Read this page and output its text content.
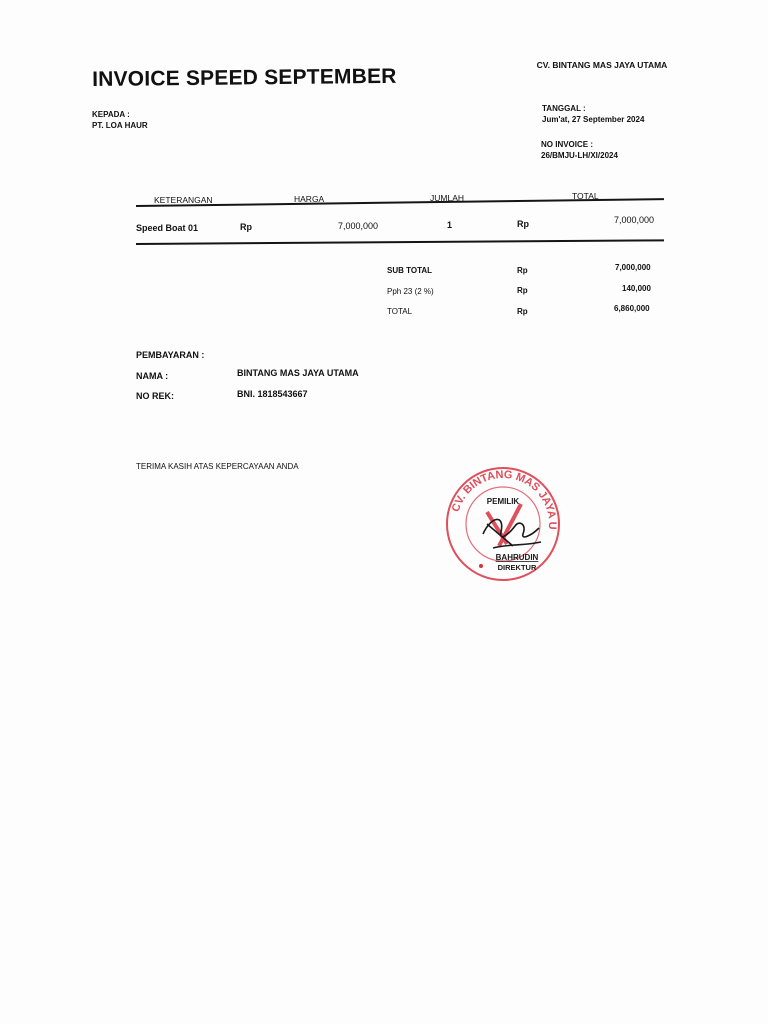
INVOICE SPEED SEPTEMBER	CV. BINTANG MAS JAYA UTAMA
KEPADA :
PT. LOA HAUR
TANGGAL :
Jum'at, 27 September 2024
NO INVOICE :
26/BMJU-LH/XI/2024
KETERANGAN	HARGA	JUMLAH	TOTAL
Speed Boat 01	Rp	7,000,000	1	Rp	7,000,000
SUB TOTAL	Rp	7,000,000
Pph 23 (2 %)	Rp	140,000
TOTAL	Rp	6,860,000
PEMBAYARAN :
NAMA :	BINTANG MAS JAYA UTAMA
NO REK:	BNI. 1818543667
TERIMA KASIH ATAS KEPERCAYAAN ANDA
CV. BINTANG MAS JAYA U
PEMILIK
BAHRUDIN
DIREKTUR
